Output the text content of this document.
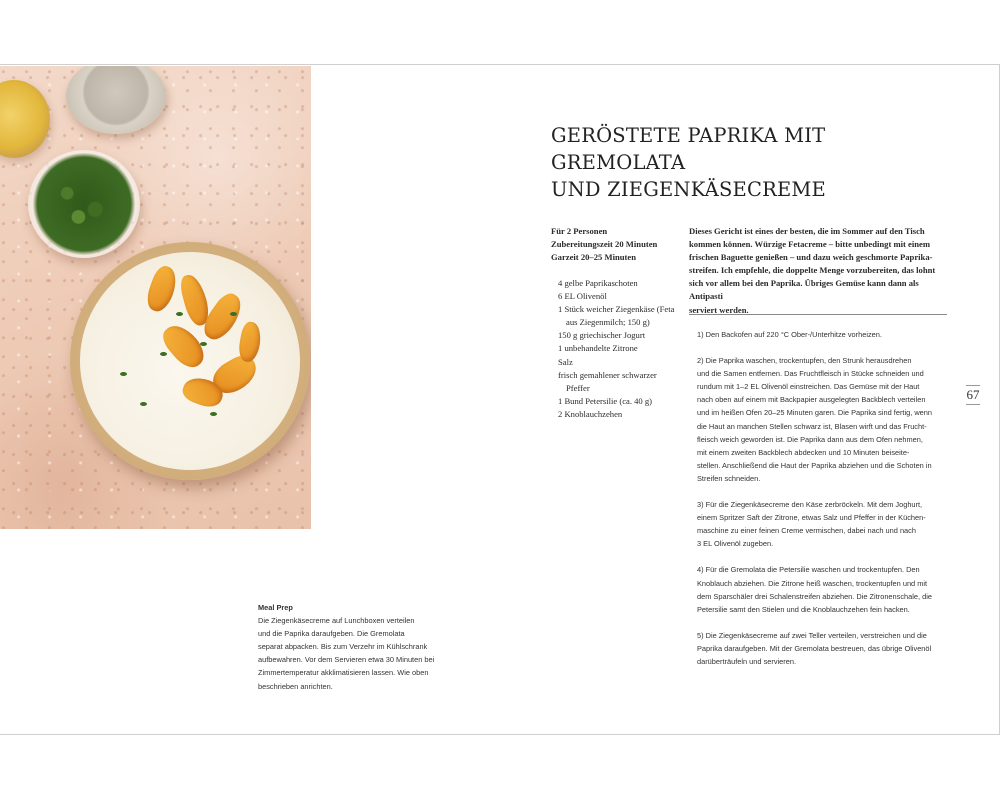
GERÖSTETE PAPRIKA MIT GREMOLATA
UND ZIEGENKÄSECREME
Für 2 Personen
Zubereitungszeit 20 Minuten
Garzeit 20–25 Minuten
4 gelbe Paprikaschoten
6 EL Olivenöl
1 Stück weicher Ziegenkäse (Feta
aus Ziegenmilch; 150 g)
150 g griechischer Jogurt
1 unbehandelte Zitrone
Salz
frisch gemahlener schwarzer
Pfeffer
1 Bund Petersilie (ca. 40 g)
2 Knoblauchzehen
Dieses Gericht ist eines der besten, die im Sommer auf den Tisch
kommen können. Würzige Fetacreme – bitte unbedingt mit einem
frischen Baguette genießen – und dazu weich geschmorte Paprika-
streifen. Ich empfehle, die doppelte Menge vorzubereiten, das lohnt
sich vor allem bei den Paprika. Übriges Gemüse kann dann als Antipasti
serviert werden.

1) Den Backofen auf 220 °C Ober-/Unterhitze vorheizen.

2) Die Paprika waschen, trockentupfen, den Strunk herausdrehen
und die Samen entfernen. Das Fruchtfleisch in Stücke schneiden und
rundum mit 1–2 EL Olivenöl einstreichen. Das Gemüse mit der Haut
nach oben auf einem mit Backpapier ausgelegten Backblech verteilen
und im heißen Ofen 20–25 Minuten garen. Die Paprika sind fertig, wenn
die Haut an manchen Stellen schwarz ist, Blasen wirft und das Frucht-
fleisch weich geworden ist. Die Paprika dann aus dem Ofen nehmen,
mit einem zweiten Backblech abdecken und 10 Minuten beiseite-
stellen. Anschließend die Haut der Paprika abziehen und die Schoten in
Streifen schneiden.

3) Für die Ziegenkäsecreme den Käse zerbröckeln. Mit dem Joghurt,
einem Spritzer Saft der Zitrone, etwas Salz und Pfeffer in der Küchen-
maschine zu einer feinen Creme vermischen, dabei nach und nach
3 EL Olivenöl zugeben.

4) Für die Gremolata die Petersilie waschen und trockentupfen. Den
Knoblauch abziehen. Die Zitrone heiß waschen, trockentupfen und mit
dem Sparschäler drei Schalenstreifen abziehen. Die Zitronenschale, die
Petersilie samt den Stielen und die Knoblauchzehen fein hacken.

5) Die Ziegenkäsecreme auf zwei Teller verteilen, verstreichen und die
Paprika daraufgeben. Mit der Gremolata bestreuen, das übrige Olivenöl
darüberträufeln und servieren.

67
Meal Prep
Die Ziegenkäsecreme auf Lunchboxen verteilen
und die Paprika daraufgeben. Die Gremolata
separat abpacken. Bis zum Verzehr im Kühlschrank
aufbewahren. Vor dem Servieren etwa 30 Minuten bei
Zimmertemperatur akklimatisieren lassen. Wie oben
beschrieben anrichten.
